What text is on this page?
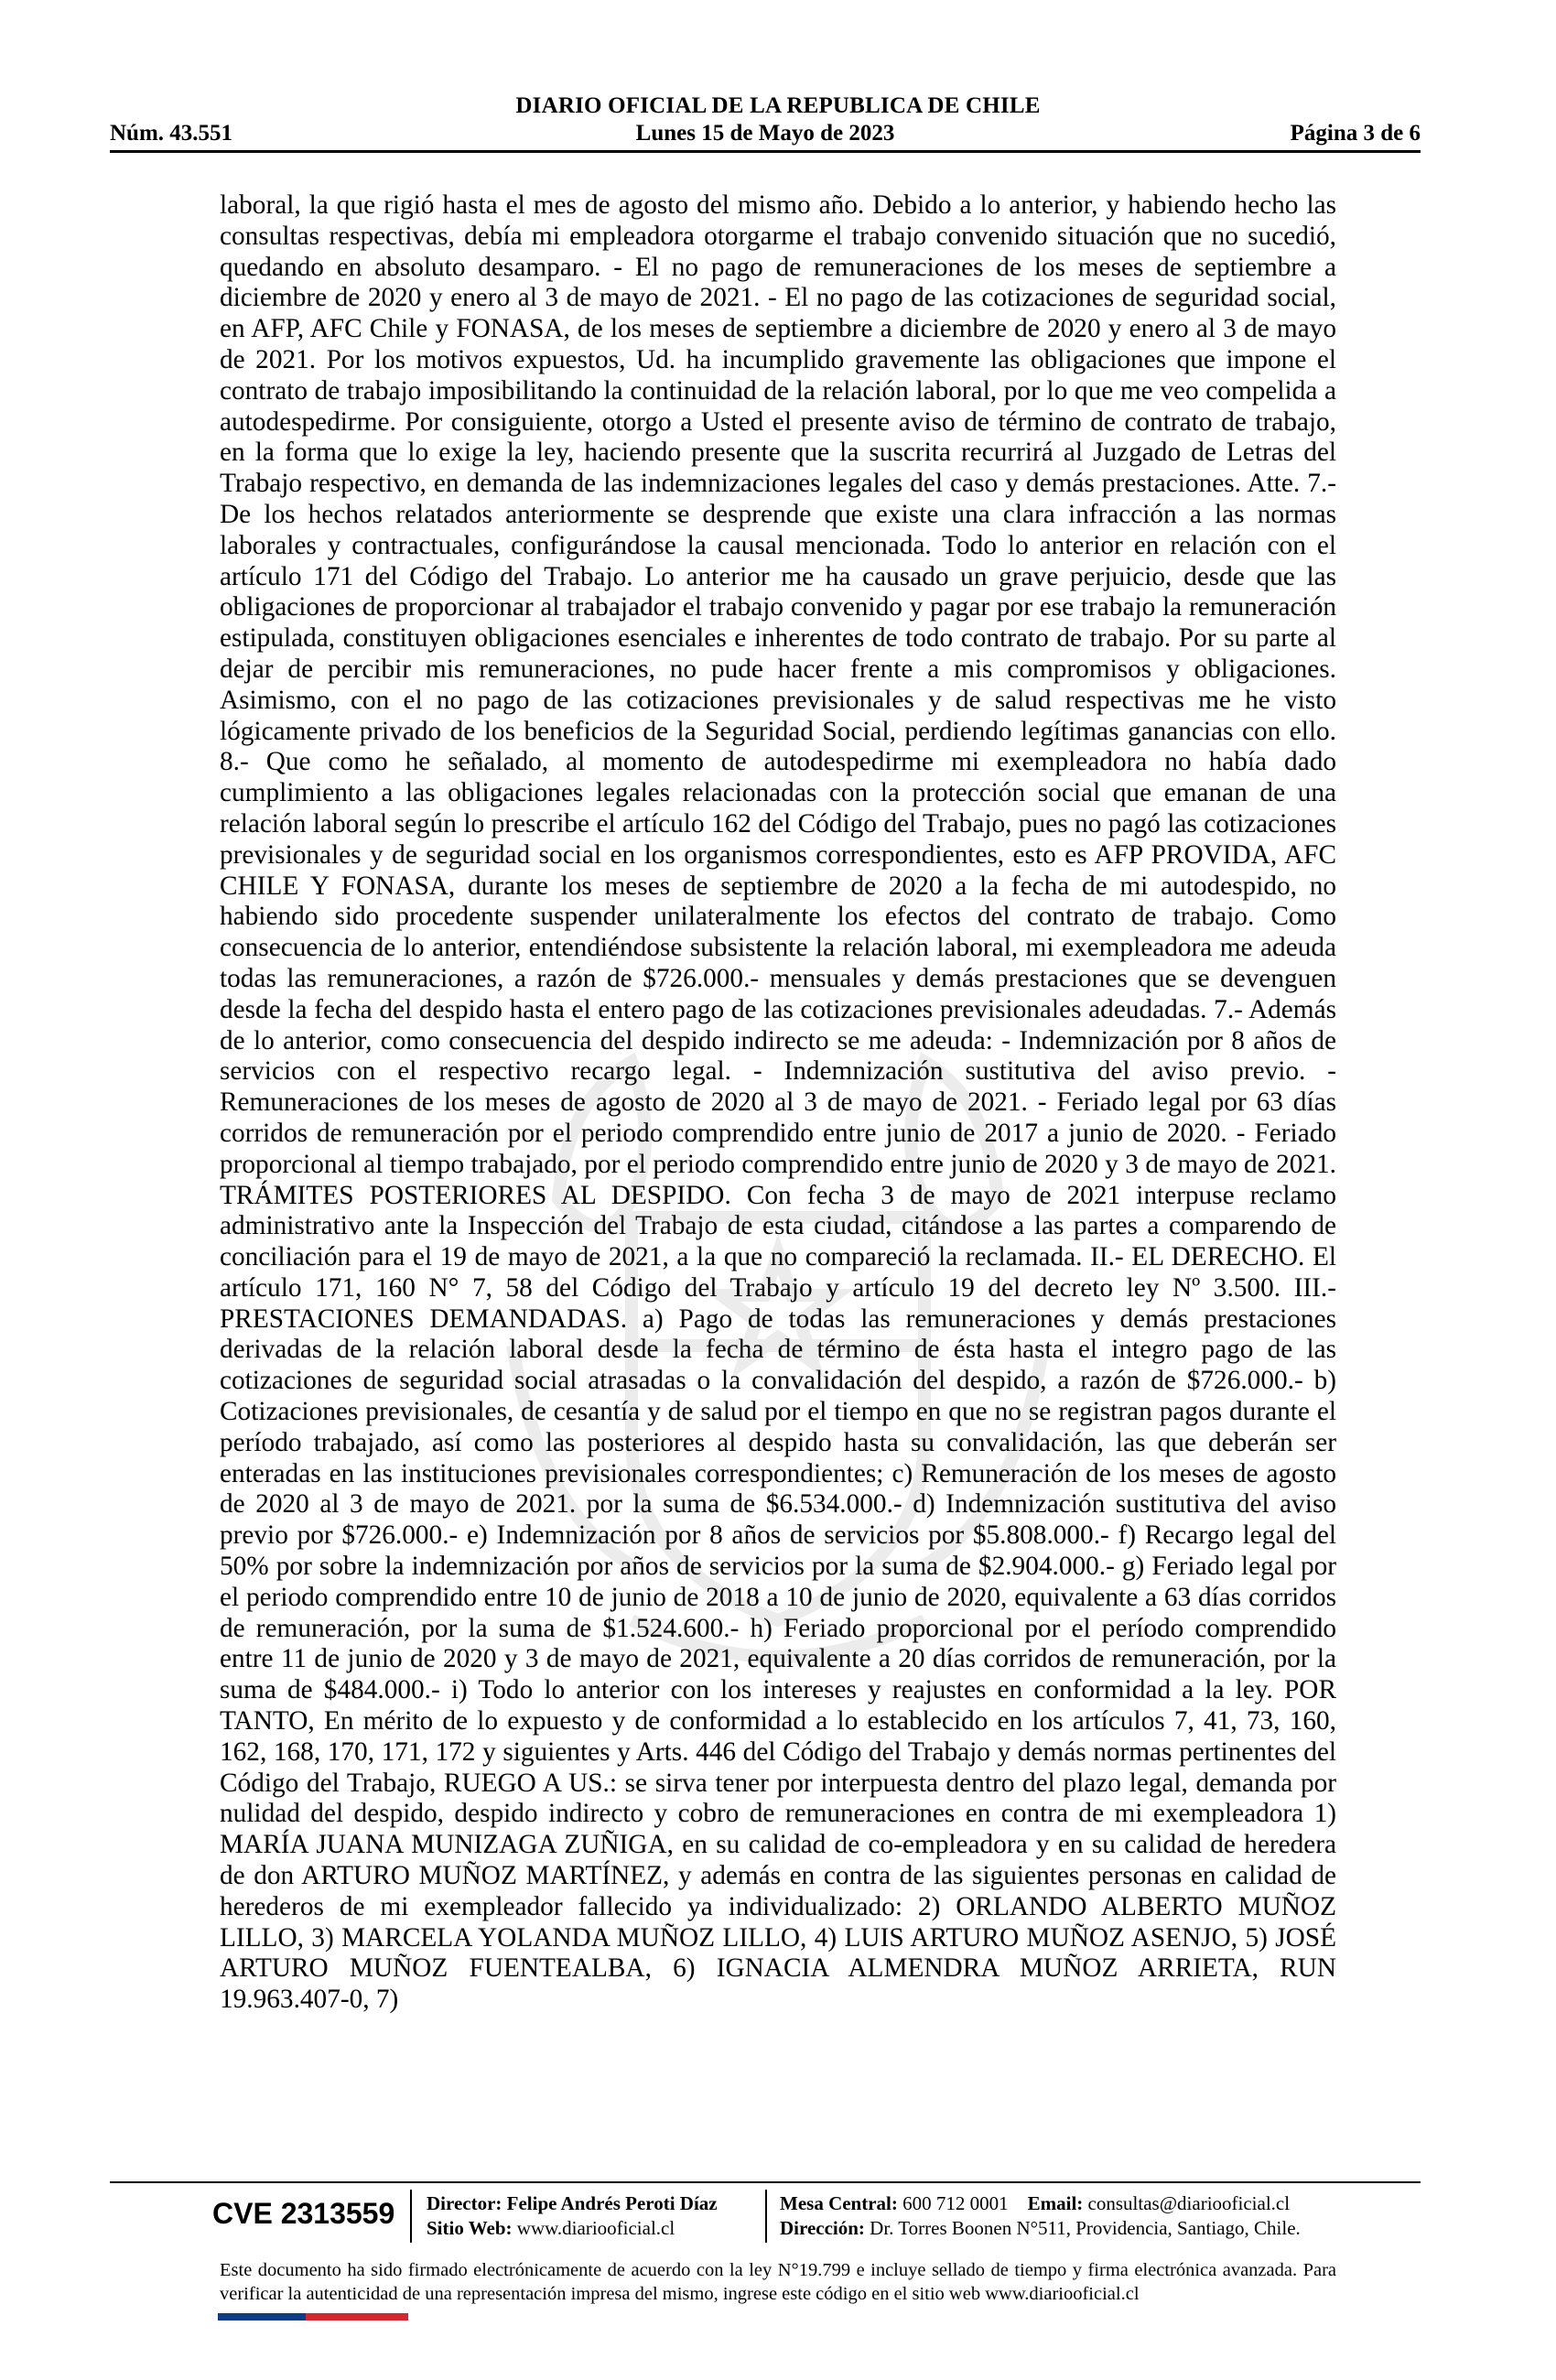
DIARIO OFICIAL DE LA REPUBLICA DE CHILE
Núm. 43.551	Lunes 15 de Mayo de 2023	Página 3 de 6
laboral, la que rigió hasta el mes de agosto del mismo año. Debido a lo anterior, y habiendo hecho las consultas respectivas, debía mi empleadora otorgarme el trabajo convenido situación que no sucedió, quedando en absoluto desamparo. - El no pago de remuneraciones de los meses de septiembre a diciembre de 2020 y enero al 3 de mayo de 2021. - El no pago de las cotizaciones de seguridad social, en AFP, AFC Chile y FONASA, de los meses de septiembre a diciembre de 2020 y enero al 3 de mayo de 2021. Por los motivos expuestos, Ud. ha incumplido gravemente las obligaciones que impone el contrato de trabajo imposibilitando la continuidad de la relación laboral, por lo que me veo compelida a autodespedirme. Por consiguiente, otorgo a Usted el presente aviso de término de contrato de trabajo, en la forma que lo exige la ley, haciendo presente que la suscrita recurrirá al Juzgado de Letras del Trabajo respectivo, en demanda de las indemnizaciones legales del caso y demás prestaciones. Atte. 7.- De los hechos relatados anteriormente se desprende que existe una clara infracción a las normas laborales y contractuales, configurándose la causal mencionada. Todo lo anterior en relación con el artículo 171 del Código del Trabajo. Lo anterior me ha causado un grave perjuicio, desde que las obligaciones de proporcionar al trabajador el trabajo convenido y pagar por ese trabajo la remuneración estipulada, constituyen obligaciones esenciales e inherentes de todo contrato de trabajo. Por su parte al dejar de percibir mis remuneraciones, no pude hacer frente a mis compromisos y obligaciones. Asimismo, con el no pago de las cotizaciones previsionales y de salud respectivas me he visto lógicamente privado de los beneficios de la Seguridad Social, perdiendo legítimas ganancias con ello. 8.- Que como he señalado, al momento de autodespedirme mi exempleadora no había dado cumplimiento a las obligaciones legales relacionadas con la protección social que emanan de una relación laboral según lo prescribe el artículo 162 del Código del Trabajo, pues no pagó las cotizaciones previsionales y de seguridad social en los organismos correspondientes, esto es AFP PROVIDA, AFC CHILE Y FONASA, durante los meses de septiembre de 2020 a la fecha de mi autodespido, no habiendo sido procedente suspender unilateralmente los efectos del contrato de trabajo. Como consecuencia de lo anterior, entendiéndose subsistente la relación laboral, mi exempleadora me adeuda todas las remuneraciones, a razón de $726.000.- mensuales y demás prestaciones que se devenguen desde la fecha del despido hasta el entero pago de las cotizaciones previsionales adeudadas. 7.- Además de lo anterior, como consecuencia del despido indirecto se me adeuda: - Indemnización por 8 años de servicios con el respectivo recargo legal. - Indemnización sustitutiva del aviso previo. - Remuneraciones de los meses de agosto de 2020 al 3 de mayo de 2021. - Feriado legal por 63 días corridos de remuneración por el periodo comprendido entre junio de 2017 a junio de 2020. - Feriado proporcional al tiempo trabajado, por el periodo comprendido entre junio de 2020 y 3 de mayo de 2021. TRÁMITES POSTERIORES AL DESPIDO. Con fecha 3 de mayo de 2021 interpuse reclamo administrativo ante la Inspección del Trabajo de esta ciudad, citándose a las partes a comparendo de conciliación para el 19 de mayo de 2021, a la que no compareció la reclamada. II.- EL DERECHO. El artículo 171, 160 N° 7, 58 del Código del Trabajo y artículo 19 del decreto ley Nº 3.500. III.- PRESTACIONES DEMANDADAS. a) Pago de todas las remuneraciones y demás prestaciones derivadas de la relación laboral desde la fecha de término de ésta hasta el integro pago de las cotizaciones de seguridad social atrasadas o la convalidación del despido, a razón de $726.000.- b) Cotizaciones previsionales, de cesantía y de salud por el tiempo en que no se registran pagos durante el período trabajado, así como las posteriores al despido hasta su convalidación, las que deberán ser enteradas en las instituciones previsionales correspondientes; c) Remuneración de los meses de agosto de 2020 al 3 de mayo de 2021. por la suma de $6.534.000.- d) Indemnización sustitutiva del aviso previo por $726.000.- e) Indemnización por 8 años de servicios por $5.808.000.- f) Recargo legal del 50% por sobre la indemnización por años de servicios por la suma de $2.904.000.- g) Feriado legal por el periodo comprendido entre 10 de junio de 2018 a 10 de junio de 2020, equivalente a 63 días corridos de remuneración, por la suma de $1.524.600.- h) Feriado proporcional por el período comprendido entre 11 de junio de 2020 y 3 de mayo de 2021, equivalente a 20 días corridos de remuneración, por la suma de $484.000.- i) Todo lo anterior con los intereses y reajustes en conformidad a la ley. POR TANTO, En mérito de lo expuesto y de conformidad a lo establecido en los artículos 7, 41, 73, 160, 162, 168, 170, 171, 172 y siguientes y Arts. 446 del Código del Trabajo y demás normas pertinentes del Código del Trabajo, RUEGO A US.: se sirva tener por interpuesta dentro del plazo legal, demanda por nulidad del despido, despido indirecto y cobro de remuneraciones en contra de mi exempleadora 1) MARÍA JUANA MUNIZAGA ZUÑIGA, en su calidad de co-empleadora y en su calidad de heredera de don ARTURO MUÑOZ MARTÍNEZ, y además en contra de las siguientes personas en calidad de herederos de mi exempleador fallecido ya individualizado: 2) ORLANDO ALBERTO MUÑOZ LILLO, 3) MARCELA YOLANDA MUÑOZ LILLO, 4) LUIS ARTURO MUÑOZ ASENJO, 5) JOSÉ ARTURO MUÑOZ FUENTEALBA, 6) IGNACIA ALMENDRA MUÑOZ ARRIETA, RUN 19.963.407-0, 7)
CVE 2313559 Director: Felipe Andrés Peroti Díaz
Sitio Web: www.diariooficial.cl
Mesa Central: 600 712 0001 Email: consultas@diariooficial.cl
Dirección: Dr. Torres Boonen N°511, Providencia, Santiago, Chile.
Este documento ha sido firmado electrónicamente de acuerdo con la ley N°19.799 e incluye sellado de tiempo y firma electrónica avanzada. Para verificar la autenticidad de una representación impresa del mismo, ingrese este código en el sitio web www.diariooficial.cl
